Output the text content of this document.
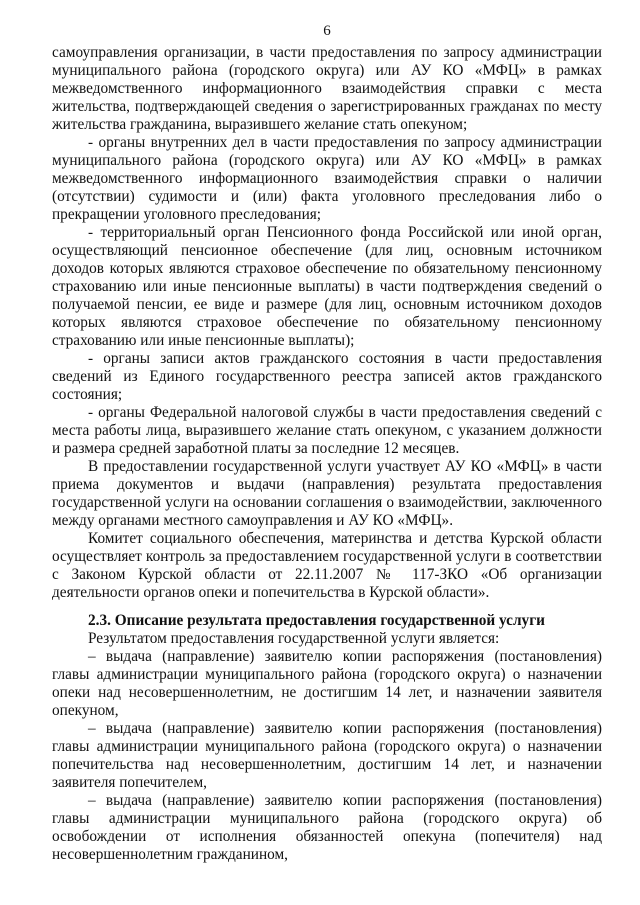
6

самоуправления организации, в части предоставления по запросу администрации муниципального района (городского округа) или АУ КО «МФЦ» в рамках межведомственного информационного взаимодействия справки с места жительства, подтверждающей сведения о зарегистрированных гражданах по месту жительства гражданина, выразившего желание стать опекуном;

- органы внутренних дел в части предоставления по запросу администрации муниципального района (городского округа) или АУ КО «МФЦ» в рамках межведомственного информационного взаимодействия справки о наличии (отсутствии) судимости и (или) факта уголовного преследования либо о прекращении уголовного преследования;

- территориальный орган Пенсионного фонда Российской или иной орган, осуществляющий пенсионное обеспечение (для лиц, основным источником доходов которых являются страховое обеспечение по обязательному пенсионному страхованию или иные пенсионные выплаты) в части подтверждения сведений о получаемой пенсии, ее виде и размере (для лиц, основным источником доходов которых являются страховое обеспечение по обязательному пенсионному страхованию или иные пенсионные выплаты);

- органы записи актов гражданского состояния в части предоставления сведений из Единого государственного реестра записей актов гражданского состояния;

- органы Федеральной налоговой службы в части предоставления сведений с места работы лица, выразившего желание стать опекуном, с указанием должности и размера средней заработной платы за последние 12 месяцев.

В предоставлении государственной услуги участвует АУ КО «МФЦ» в части приема документов и выдачи (направления) результата предоставления государственной услуги на основании соглашения о взаимодействии, заключенного между органами местного самоуправления и АУ КО «МФЦ».

Комитет социального обеспечения, материнства и детства Курской области осуществляет контроль за предоставлением государственной услуги в соответствии с Законом Курской области от 22.11.2007 № 117-ЗКО «Об организации деятельности органов опеки и попечительства в Курской области».

2.3. Описание результата предоставления государственной услуги

Результатом предоставления государственной услуги является:

– выдача (направление) заявителю копии распоряжения (постановления) главы администрации муниципального района (городского округа) о назначении опеки над несовершеннолетним, не достигшим 14 лет, и назначении заявителя опекуном,

– выдача (направление) заявителю копии распоряжения (постановления) главы администрации муниципального района (городского округа) о назначении попечительства над несовершеннолетним, достигшим 14 лет, и назначении заявителя попечителем,

– выдача (направление) заявителю копии распоряжения (постановления) главы администрации муниципального района (городского округа) об освобождении от исполнения обязанностей опекуна (попечителя) над несовершеннолетним гражданином,
